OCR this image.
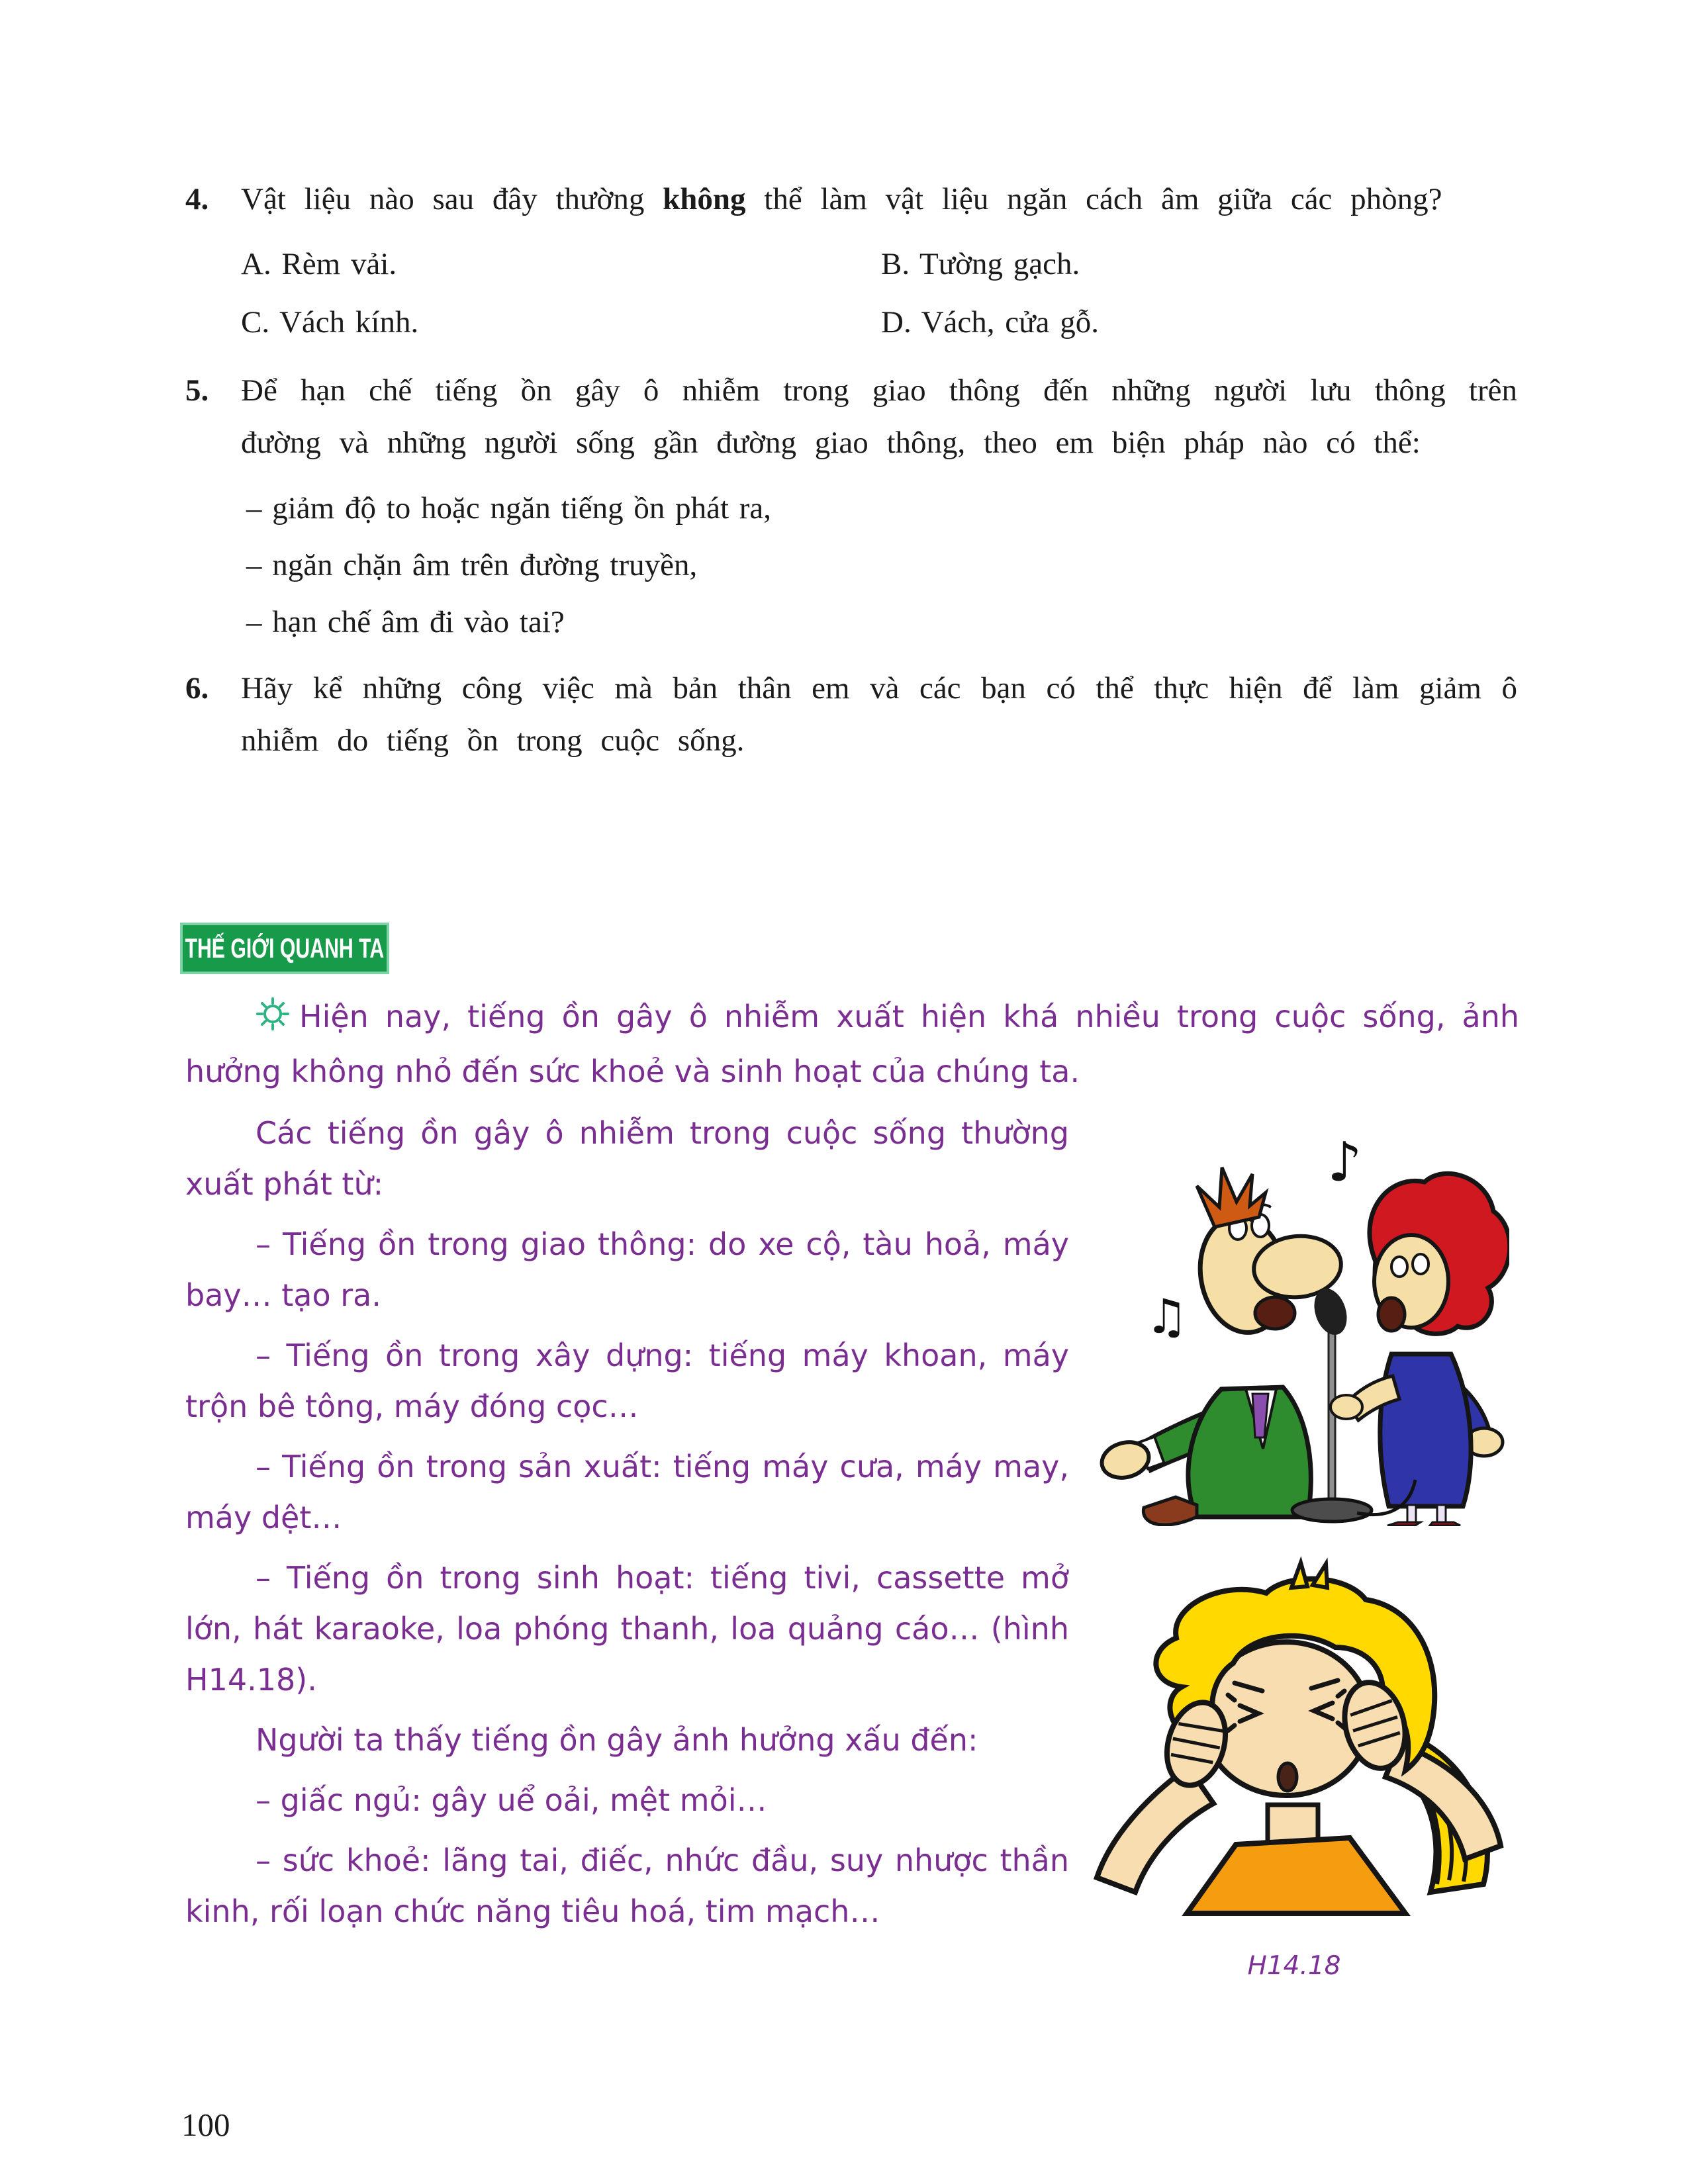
4. Vật liệu nào sau đây thường không thể làm vật liệu ngăn cách âm giữa các phòng?

A. Rèm vải.	B. Tường gạch.
C. Vách kính.	D. Vách, cửa gỗ.
5. Để hạn chế tiếng ồn gây ô nhiễm trong giao thông đến những người lưu thông trên đường và những người sống gần đường giao thông, theo em biện pháp nào có thể:

– giảm độ to hoặc ngăn tiếng ồn phát ra,

– ngăn chặn âm trên đường truyền,

– hạn chế âm đi vào tai?

6. Hãy kể những công việc mà bản thân em và các bạn có thể thực hiện để làm giảm ô nhiễm do tiếng ồn trong cuộc sống.

THẾ GIỚI QUANH TA

Hiện nay, tiếng ồn gây ô nhiễm xuất hiện khá nhiều trong cuộc sống, ảnh hưởng không nhỏ đến sức khoẻ và sinh hoạt của chúng ta.

Các tiếng ồn gây ô nhiễm trong cuộc sống thường xuất phát từ:

– Tiếng ồn trong giao thông: do xe cộ, tàu hoả, máy bay… tạo ra.

– Tiếng ồn trong xây dựng: tiếng máy khoan, máy trộn bê tông, máy đóng cọc…

– Tiếng ồn trong sản xuất: tiếng máy cưa, máy may, máy dệt…

– Tiếng ồn trong sinh hoạt: tiếng tivi, cassette mở lớn, hát karaoke, loa phóng thanh, loa quảng cáo… (hình H14.18).

Người ta thấy tiếng ồn gây ảnh hưởng xấu đến:

– giấc ngủ: gây uể oải, mệt mỏi…

– sức khoẻ: lãng tai, điếc, nhức đầu, suy nhược thần kinh, rối loạn chức năng tiêu hoá, tim mạch…

♪
♫

H14.18

100
